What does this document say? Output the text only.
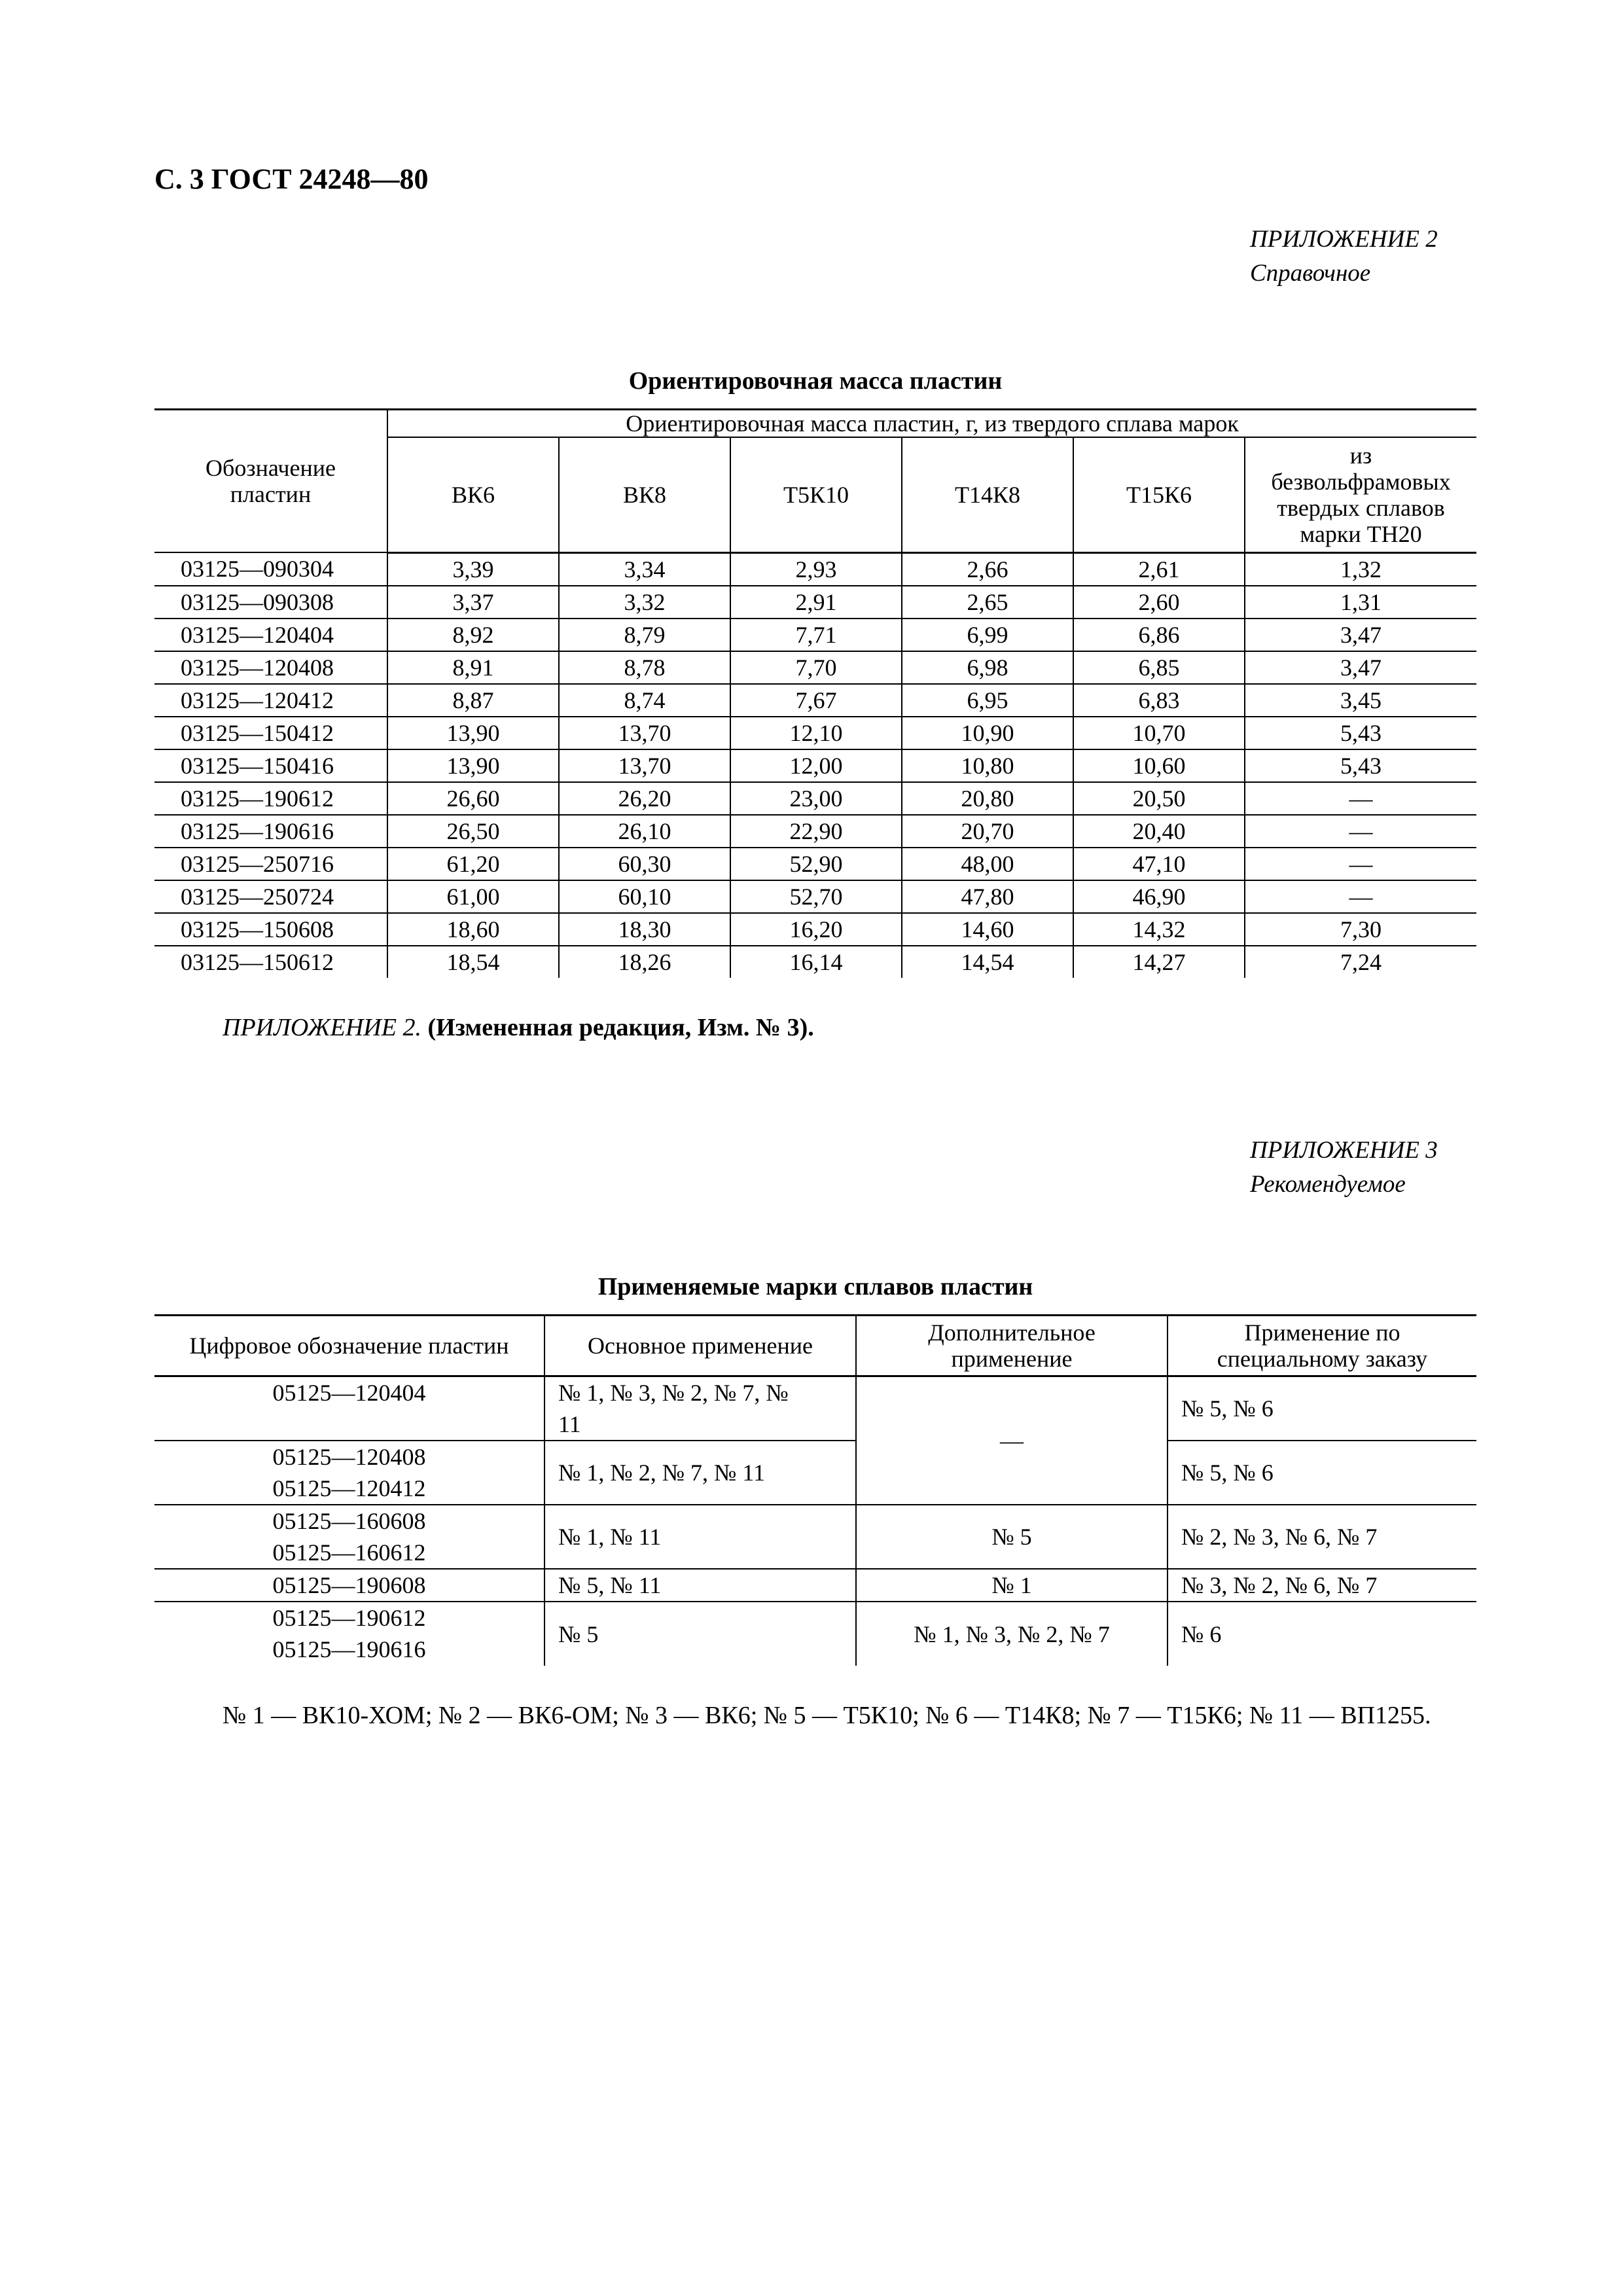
С. 3 ГОСТ 24248—80
ПРИЛОЖЕНИЕ 2
Справочное
Ориентировочная масса пластин
Обозначение пластин	Ориентировочная масса пластин, г, из твердого сплава марок					
	ВК6	ВК8	Т5К10	Т14К8	Т15К6	из безвольфрамовых твердых сплавов марки ТН20
03125—090304	3,39	3,34	2,93	2,66	2,61	1,32
03125—090308	3,37	3,32	2,91	2,65	2,60	1,31
03125—120404	8,92	8,79	7,71	6,99	6,86	3,47
03125—120408	8,91	8,78	7,70	6,98	6,85	3,47
03125—120412	8,87	8,74	7,67	6,95	6,83	3,45
03125—150412	13,90	13,70	12,10	10,90	10,70	5,43
03125—150416	13,90	13,70	12,00	10,80	10,60	5,43
03125—190612	26,60	26,20	23,00	20,80	20,50	—
03125—190616	26,50	26,10	22,90	20,70	20,40	—
03125—250716	61,20	60,30	52,90	48,00	47,10	—
03125—250724	61,00	60,10	52,70	47,80	46,90	—
03125—150608	18,60	18,30	16,20	14,60	14,32	7,30
03125—150612	18,54	18,26	16,14	14,54	14,27	7,24
ПРИЛОЖЕНИЕ 2. (Измененная редакция, Изм. № 3).
ПРИЛОЖЕНИЕ 3
Рекомендуемое
Применяемые марки сплавов пластин
Цифровое обозначение пластин	Основное применение	Дополнительное применение	Применение по специальному заказу

05125—120404	№ 1, № 3, № 2, № 7, № 11	—	№ 5, № 6

05125—120408
05125—120412	№ 1, № 2, № 7, № 11		№ 5, № 6

05125—160608
05125—160612	№ 1, № 11	№ 5	№ 2, № 3, № 6, № 7

05125—190608	№ 5, № 11	№ 1	№ 3, № 2, № 6, № 7

05125—190612
05125—190616	№ 5	№ 1, № 3, № 2, № 7	№ 6
№ 1 — ВК10-ХОМ; № 2 — ВК6-ОМ; № 3 — ВК6; № 5 — Т5К10; № 6 — Т14К8; № 7 — Т15К6; № 11 — ВП1255.
